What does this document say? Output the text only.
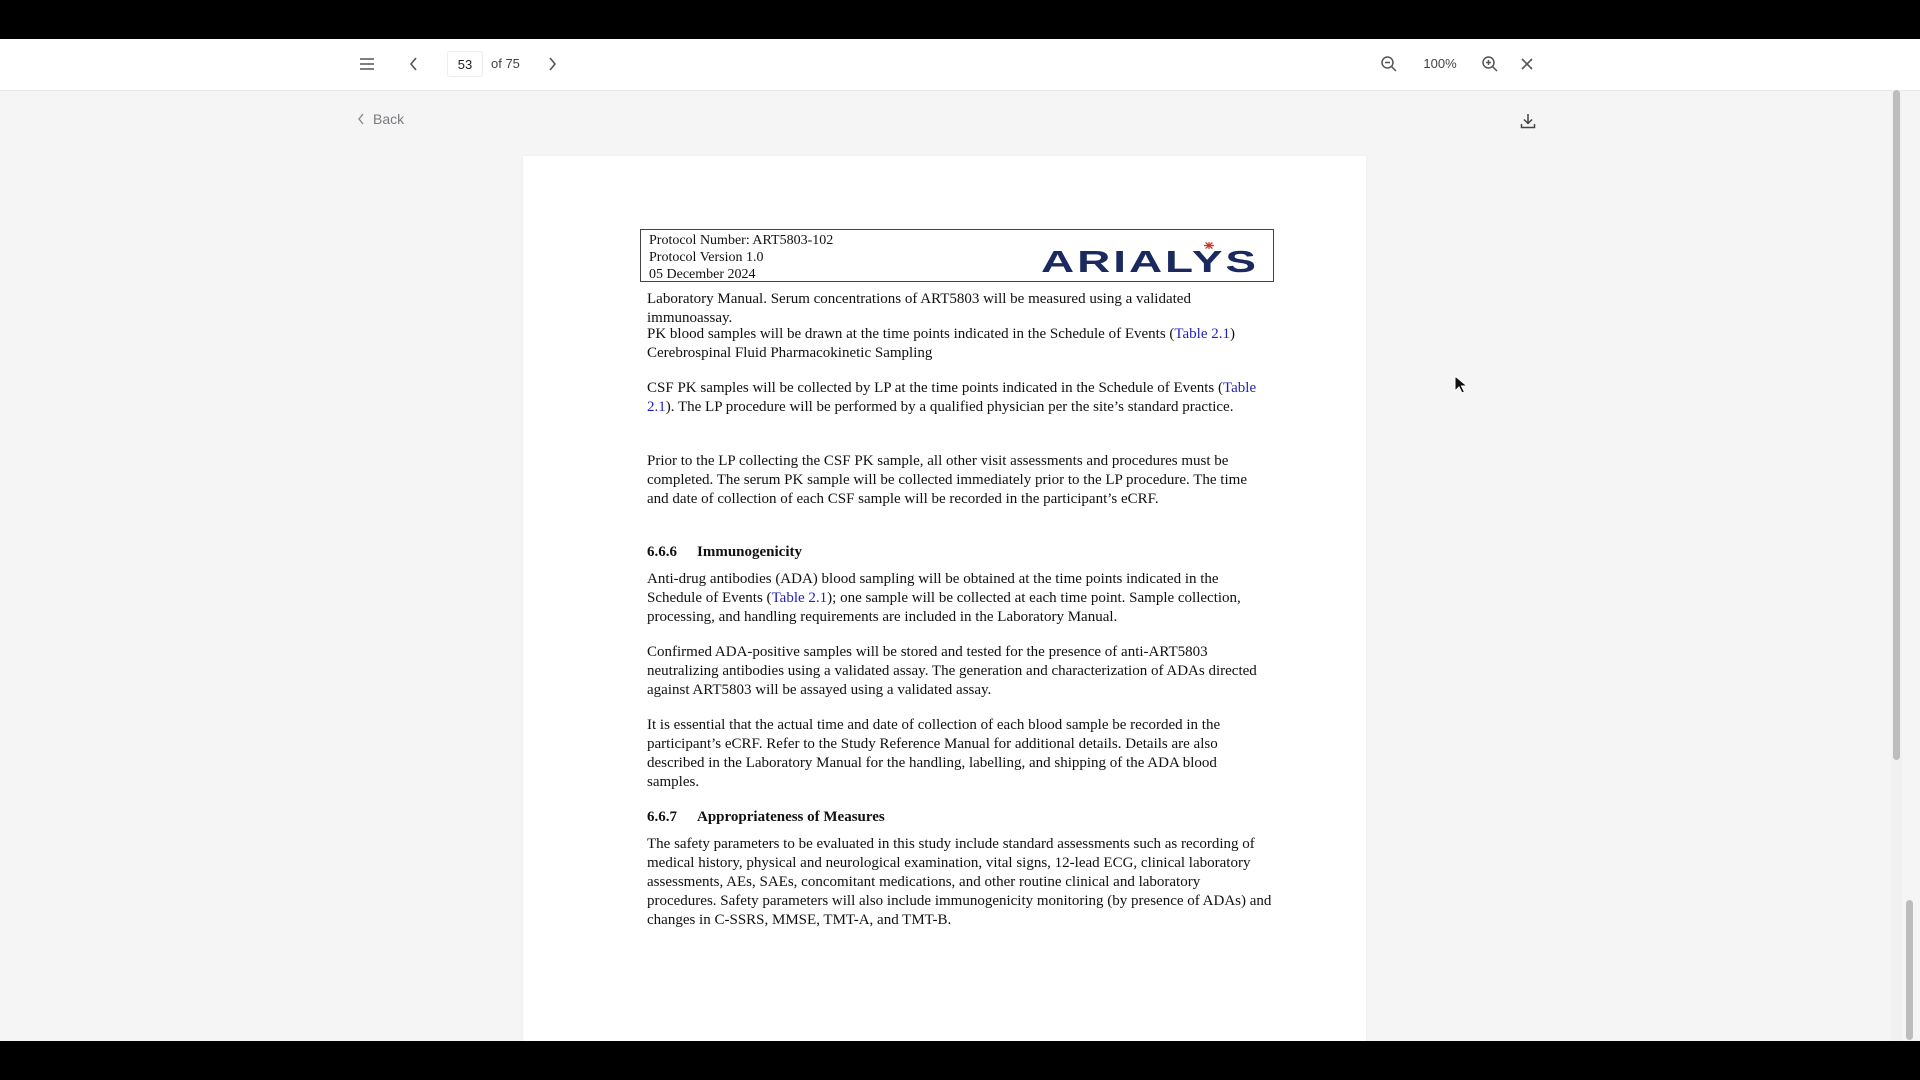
53
of 75	100%
Back
Protocol Number: ART5803-102
Protocol Version 1.0
05 December 2024	ARIALYS

Laboratory Manual. Serum concentrations of ART5803 will be measured using a validated immunoassay.

PK blood samples will be drawn at the time points indicated in the Schedule of Events (Table 2.1) Cerebrospinal Fluid Pharmacokinetic Sampling

CSF PK samples will be collected by LP at the time points indicated in the Schedule of Events (Table 2.1). The LP procedure will be performed by a qualified physician per the site’s standard practice.

Prior to the LP collecting the CSF PK sample, all other visit assessments and procedures must be completed. The serum PK sample will be collected immediately prior to the LP procedure. The time and date of collection of each CSF sample will be recorded in the participant’s eCRF.

6.6.6 Immunogenicity

Anti-drug antibodies (ADA) blood sampling will be obtained at the time points indicated in the Schedule of Events (Table 2.1); one sample will be collected at each time point. Sample collection, processing, and handling requirements are included in the Laboratory Manual.

Confirmed ADA-positive samples will be stored and tested for the presence of anti-ART5803 neutralizing antibodies using a validated assay. The generation and characterization of ADAs directed against ART5803 will be assayed using a validated assay.

It is essential that the actual time and date of collection of each blood sample be recorded in the participant’s eCRF. Refer to the Study Reference Manual for additional details. Details are also described in the Laboratory Manual for the handling, labelling, and shipping of the ADA blood samples.

6.6.7 Appropriateness of Measures

The safety parameters to be evaluated in this study include standard assessments such as recording of medical history, physical and neurological examination, vital signs, 12-lead ECG, clinical laboratory assessments, AEs, SAEs, concomitant medications, and other routine clinical and laboratory procedures. Safety parameters will also include immunogenicity monitoring (by presence of ADAs) and changes in C-SSRS, MMSE, TMT-A, and TMT-B.
